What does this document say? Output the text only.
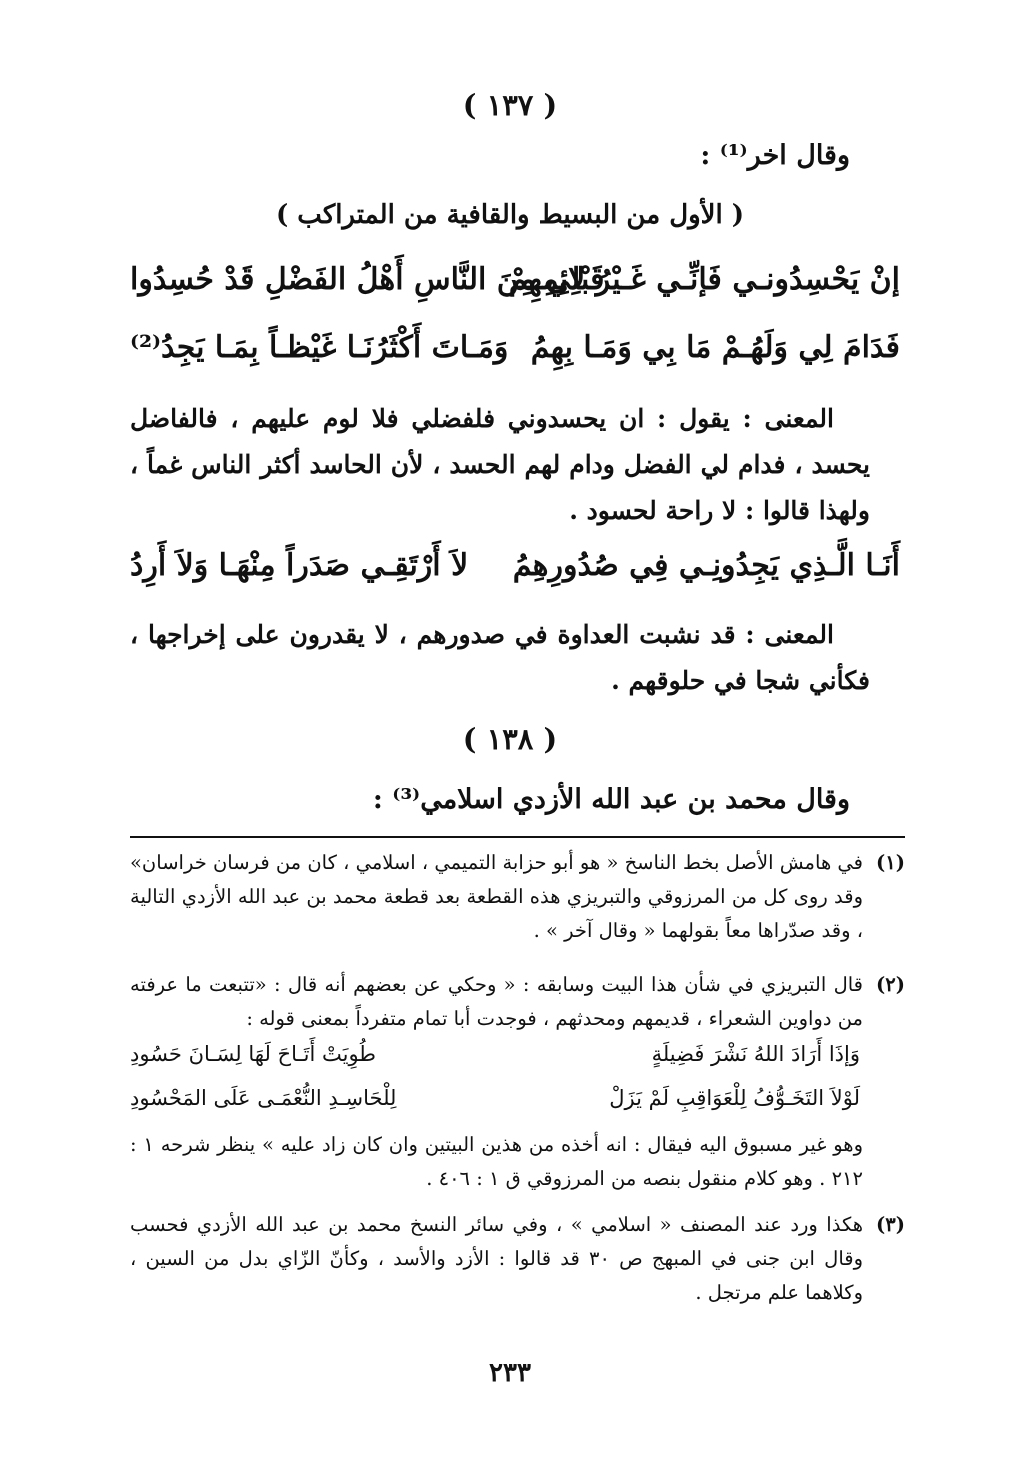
( ١٣٧ )
وقال اخر⁽¹⁾ :
( الأول من البسيط والقافية من المتراكب )
إنْ يَحْسِدُونـي فَإنِّـي غَـيْرُ لائِمِهِمْ
قَبْلِي مِنَ النَّاسِ أَهْلُ الفَضْلِ قَدْ حُسِدُوا
فَدَامَ لِي وَلَهُـمْ مَا بِي وَمَـا بِهِمُ
وَمَـاتَ أَكْثَرُنَـا غَيْظـاً بِمَـا يَجِدُ⁽²⁾
المعنى : يقول : ان يحسدوني فلفضلي فلا لوم عليهم ، فالفاضل يحسد ، فدام لي الفضل ودام لهم الحسد ، لأن الحاسد أكثر الناس غماً ، ولهذا قالوا : لا راحة لحسود .
أَنَـا الَّـذِي يَجِدُونِـي فِي صُدُورِهِمُ
لاَ أَرْتَقِـي صَدَراً مِنْهَـا وَلاَ أَرِدُ
المعنى : قد نشبت العداوة في صدورهم ، لا يقدرون على إخراجها ، فكأني شجا في حلوقهم .
( ١٣٨ )
وقال محمد بن عبد الله الأزدي اسلامي⁽³⁾ :
(١)
في هامش الأصل بخط الناسخ « هو أبو حزابة التميمي ، اسلامي ، كان من فرسان خراسان» وقد روى كل من المرزوقي والتبريزي هذه القطعة بعد قطعة محمد بن عبد الله الأزدي التالية ، وقد صدّراها معاً بقولهما « وقال آخر » .
(٢)
قال التبريزي في شأن هذا البيت وسابقه : « وحكي عن بعضهم أنه قال : «تتبعت ما عرفته من دواوين الشعراء ، قديمهم ومحدثهم ، فوجدت أبا تمام متفرداً بمعنى قوله :
وَإذَا أَرَادَ اللهُ نَشْرَ فَضِيلَةٍ
طُوِيَتْ أَتَـاحَ لَهَا لِسَـانَ حَسُودِ
لَوْلاَ التَخَـوُّفُ لِلْعَوَاقِبِ لَمْ يَزَلْ
لِلْحَاسِـدِ النُّعْمَـى عَلَى المَحْسُودِ
وهو غير مسبوق اليه فيقال : انه أخذه من هذين البيتين وان كان زاد عليه » ينظر شرحه ١ : ٢١٢ . وهو كلام منقول بنصه من المرزوقي ق ١ : ٤٠٦ .
(٣)
هكذا ورد عند المصنف « اسلامي » ، وفي سائر النسخ محمد بن عبد الله الأزدي فحسب وقال ابن جنى في المبهج ص ٣٠ قد قالوا : الأزد والأسد ، وكأنّ الزّاي بدل من السين ، وكلاهما علم مرتجل .
٢٣٣
